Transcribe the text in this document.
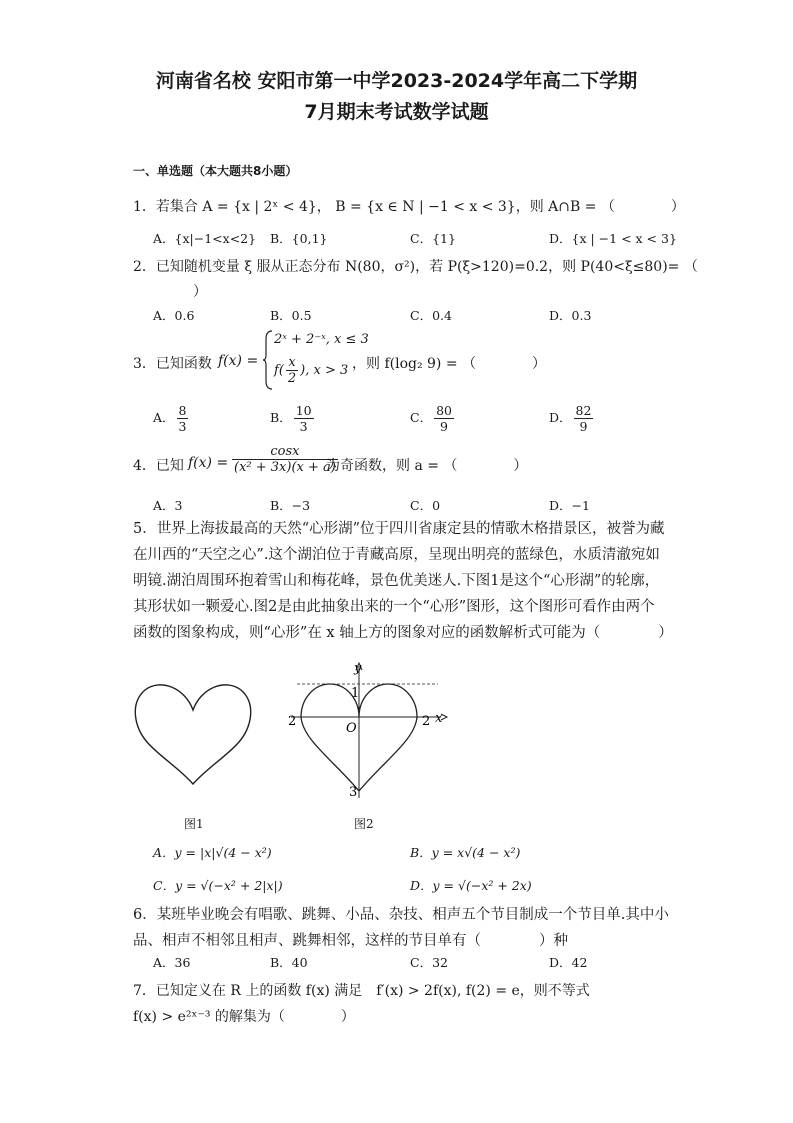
河南省名校 安阳市第一中学2023-2024学年高二下学期
7月期末考试数学试题
一、单选题（本大题共8小题）
1．若集合 A = {x | 2ˣ < 4}， B = {x ∈ N | −1 < x < 3}，则 A∩B = （　　　　）
A．{x|−1<x<2} B．{0,1}	C．{1}	D．{x | −1 < x < 3}
2．已知随机变量 ξ 服从正态分布 N(80，σ²)，若 P(ξ>120)=0.2，则 P(40<ξ≤80)= （
）
A．0.6	B．0.5	C．0.4	D．0.3
3．已知函数 f(x) =
2ˣ + 2⁻ˣ, x ≤ 3
$f( \frac{x}{2}$ ), x > 3 ，则 f(log₂ 9) = （　　　　）
A． $\frac{8}{3}$	B． $\frac{10}{3}$	C． $\frac{80}{9}$	D． $\frac{82}{9}$
4．已知 $f(x) = \frac{\cos x}{\text{(x² + 3x)(x + a)}}$
为奇函数，则 a = （　　　　）
A．3	B．−3	C．0	D．−1
5．世界上海拔最高的天然“心形湖”位于四川省康定县的情歌木格措景区，被誉为藏在川西的“天空之心”.这个湖泊位于青藏高原，呈现出明亮的蓝绿色，水质清澈宛如明镜.湖泊周围环抱着雪山和梅花峰，景色优美迷人.下图1是这个“心形湖”的轮廓，其形状如一颗爱心.图2是由此抽象出来的一个“心形”图形，这个图形可看作由两个函数的图象构成，则“心形”在 x 轴上方的图象对应的函数解析式可能为（　　　　）
图1
y
x
1
O
2	2
3
图2
A．y = |x|√(4 − x²)	B．y = x√(4 − x²)
C．y = √(−x² + 2|x|)	D．y = √(−x² + 2x)
6．某班毕业晚会有唱歌、跳舞、小品、杂技、相声五个节目制成一个节目单.其中小品、相声不相邻且相声、跳舞相邻，这样的节目单有（　　　　）种
A．36	B．40	C．32	D．42
7．已知定义在 R 上的函数 f(x) 满足　f′(x) > 2f(x), f(2) = e，则不等式
f(x) > e²ˣ⁻³ 的解集为（　　　　）
